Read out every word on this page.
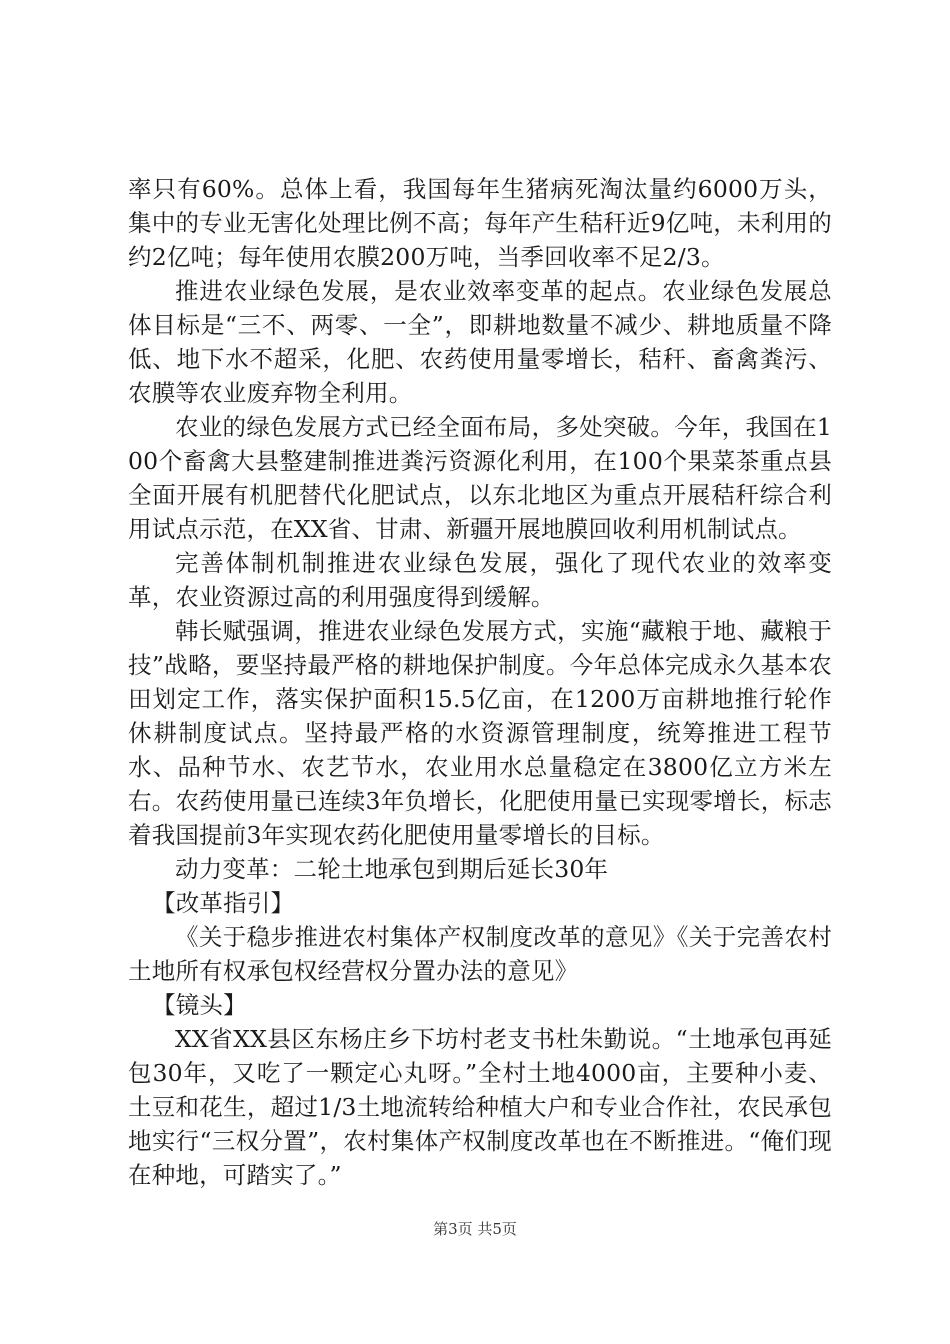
率只有60%。总体上看，我国每年生猪病死淘汰量约6000万头，集中的专业无害化处理比例不高；每年产生秸秆近9亿吨，未利用的约2亿吨；每年使用农膜200万吨，当季回收率不足2/3。

推进农业绿色发展，是农业效率变革的起点。农业绿色发展总体目标是“三不、两零、一全”，即耕地数量不减少、耕地质量不降低、地下水不超采，化肥、农药使用量零增长，秸秆、畜禽粪污、农膜等农业废弃物全利用。

农业的绿色发展方式已经全面布局，多处突破。今年，我国在100个畜禽大县整建制推进粪污资源化利用，在100个果菜茶重点县全面开展有机肥替代化肥试点，以东北地区为重点开展秸秆综合利用试点示范，在XX省、甘肃、新疆开展地膜回收利用机制试点。

完善体制机制推进农业绿色发展，强化了现代农业的效率变革，农业资源过高的利用强度得到缓解。

韩长赋强调，推进农业绿色发展方式，实施“藏粮于地、藏粮于技”战略，要坚持最严格的耕地保护制度。今年总体完成永久基本农田划定工作，落实保护面积15.5亿亩，在1200万亩耕地推行轮作休耕制度试点。坚持最严格的水资源管理制度，统筹推进工程节水、品种节水、农艺节水，农业用水总量稳定在3800亿立方米左右。农药使用量已连续3年负增长，化肥使用量已实现零增长，标志着我国提前3年实现农药化肥使用量零增长的目标。

动力变革：二轮土地承包到期后延长30年

【改革指引】

《关于稳步推进农村集体产权制度改革的意见》《关于完善农村土地所有权承包权经营权分置办法的意见》

【镜头】

XX省XX县区东杨庄乡下坊村老支书杜朱勤说。“土地承包再延包30年，又吃了一颗定心丸呀。”全村土地4000亩，主要种小麦、土豆和花生，超过1/3土地流转给种植大户和专业合作社，农民承包地实行“三权分置”，农村集体产权制度改革也在不断推进。“俺们现在种地，可踏实了。”

第3页 共5页
